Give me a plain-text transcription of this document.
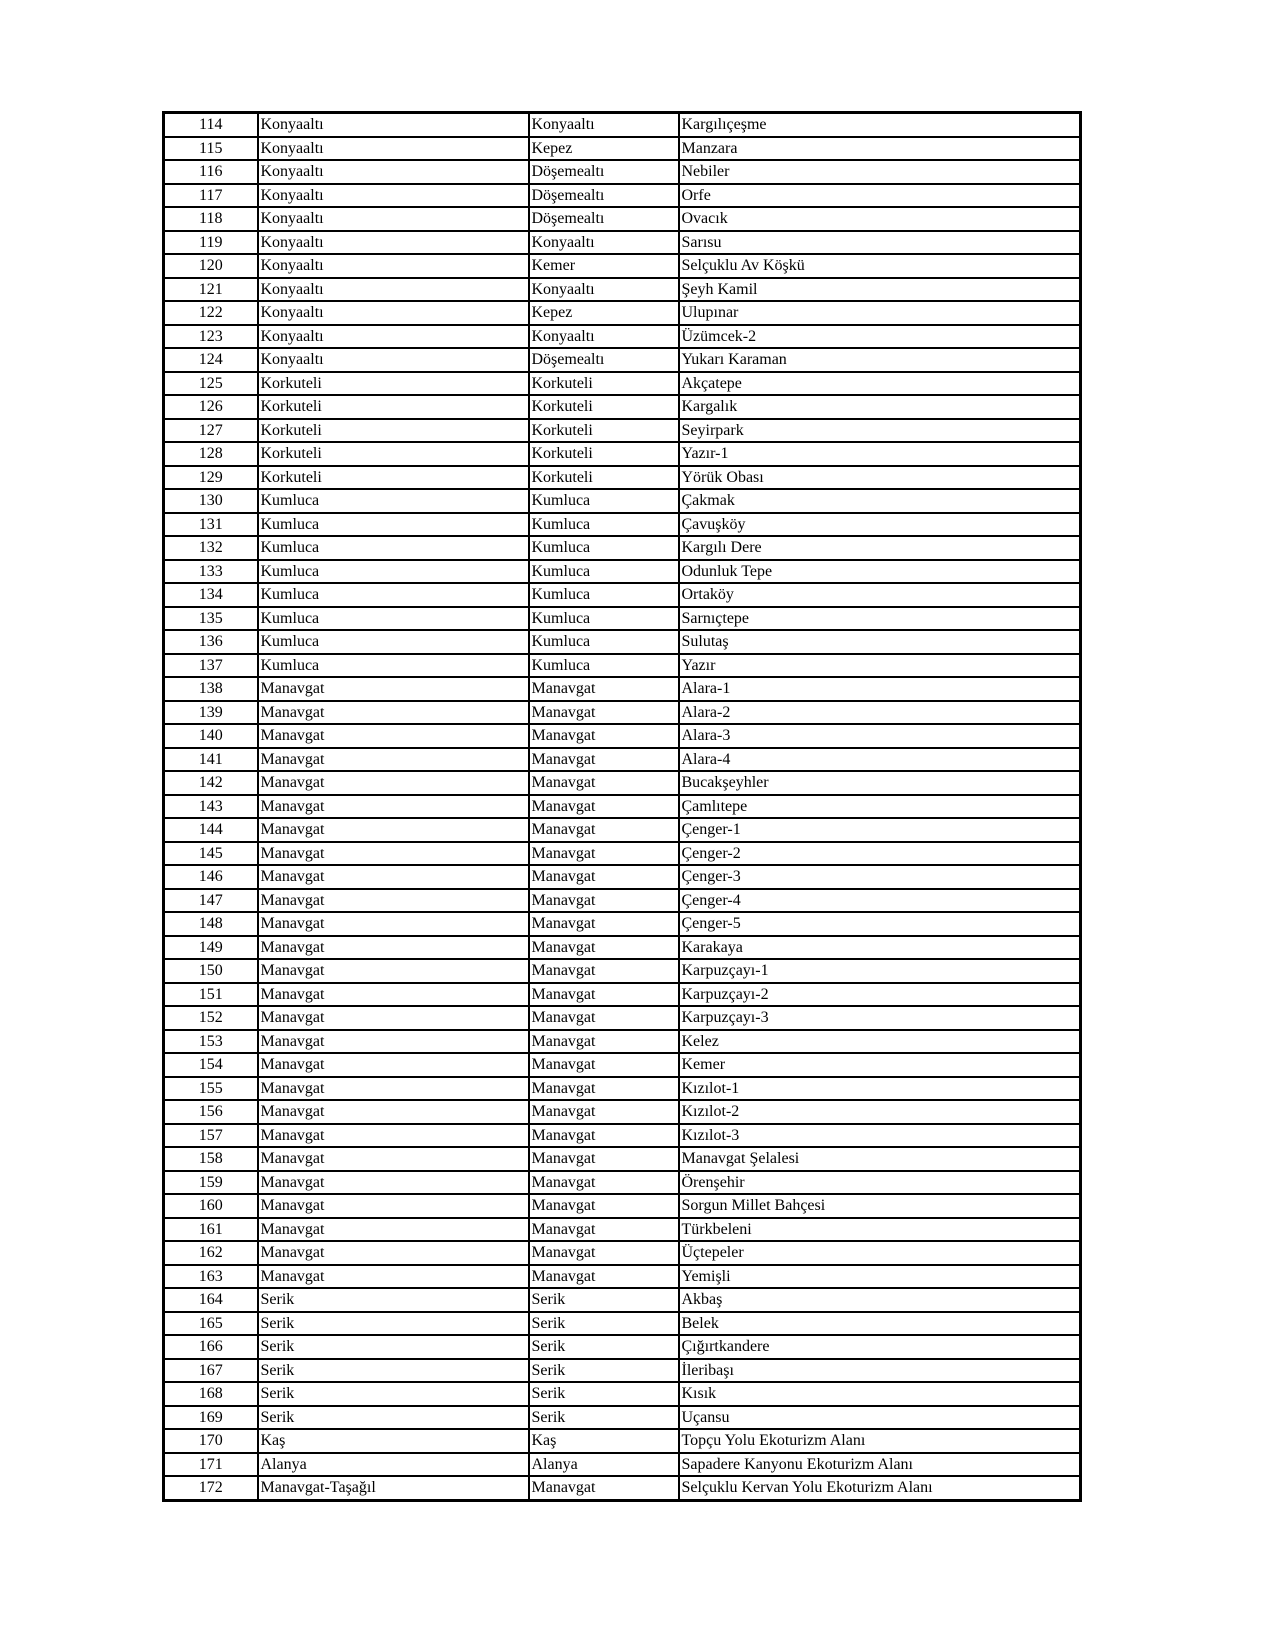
114	Konyaaltı	Konyaaltı	Kargılıçeşme
115	Konyaaltı	Kepez	Manzara
116	Konyaaltı	Döşemealtı	Nebiler
117	Konyaaltı	Döşemealtı	Orfe
118	Konyaaltı	Döşemealtı	Ovacık
119	Konyaaltı	Konyaaltı	Sarısu
120	Konyaaltı	Kemer	Selçuklu Av Köşkü
121	Konyaaltı	Konyaaltı	Şeyh Kamil
122	Konyaaltı	Kepez	Ulupınar
123	Konyaaltı	Konyaaltı	Üzümcek-2
124	Konyaaltı	Döşemealtı	Yukarı Karaman
125	Korkuteli	Korkuteli	Akçatepe
126	Korkuteli	Korkuteli	Kargalık
127	Korkuteli	Korkuteli	Seyirpark
128	Korkuteli	Korkuteli	Yazır-1
129	Korkuteli	Korkuteli	Yörük Obası
130	Kumluca	Kumluca	Çakmak
131	Kumluca	Kumluca	Çavuşköy
132	Kumluca	Kumluca	Kargılı Dere
133	Kumluca	Kumluca	Odunluk Tepe
134	Kumluca	Kumluca	Ortaköy
135	Kumluca	Kumluca	Sarnıçtepe
136	Kumluca	Kumluca	Sulutaş
137	Kumluca	Kumluca	Yazır
138	Manavgat	Manavgat	Alara-1
139	Manavgat	Manavgat	Alara-2
140	Manavgat	Manavgat	Alara-3
141	Manavgat	Manavgat	Alara-4
142	Manavgat	Manavgat	Bucakşeyhler
143	Manavgat	Manavgat	Çamlıtepe
144	Manavgat	Manavgat	Çenger-1
145	Manavgat	Manavgat	Çenger-2
146	Manavgat	Manavgat	Çenger-3
147	Manavgat	Manavgat	Çenger-4
148	Manavgat	Manavgat	Çenger-5
149	Manavgat	Manavgat	Karakaya
150	Manavgat	Manavgat	Karpuzçayı-1
151	Manavgat	Manavgat	Karpuzçayı-2
152	Manavgat	Manavgat	Karpuzçayı-3
153	Manavgat	Manavgat	Kelez
154	Manavgat	Manavgat	Kemer
155	Manavgat	Manavgat	Kızılot-1
156	Manavgat	Manavgat	Kızılot-2
157	Manavgat	Manavgat	Kızılot-3
158	Manavgat	Manavgat	Manavgat Şelalesi
159	Manavgat	Manavgat	Örenşehir
160	Manavgat	Manavgat	Sorgun Millet Bahçesi
161	Manavgat	Manavgat	Türkbeleni
162	Manavgat	Manavgat	Üçtepeler
163	Manavgat	Manavgat	Yemişli
164	Serik	Serik	Akbaş
165	Serik	Serik	Belek
166	Serik	Serik	Çığırtkandere
167	Serik	Serik	İleribaşı
168	Serik	Serik	Kısık
169	Serik	Serik	Uçansu
170	Kaş	Kaş	Topçu Yolu Ekoturizm Alanı
171	Alanya	Alanya	Sapadere Kanyonu Ekoturizm Alanı
172	Manavgat-Taşağıl	Manavgat	Selçuklu Kervan Yolu Ekoturizm Alanı
